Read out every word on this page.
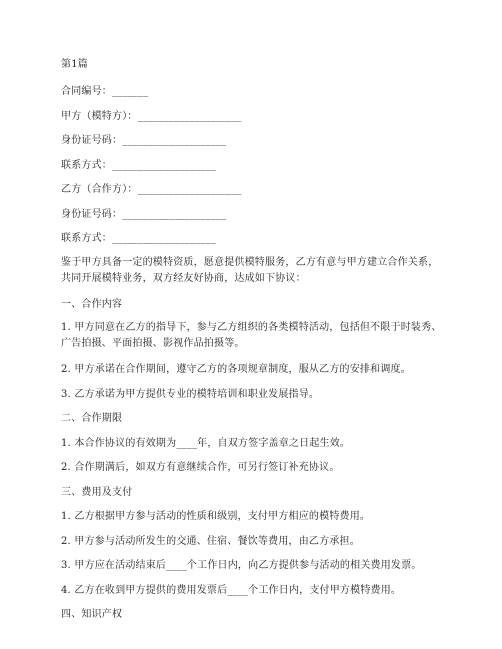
第1篇
合同编号：_______
甲方（模特方）：____________________
身份证号码：____________________
联系方式：____________________
乙方（合作方）：____________________
身份证号码：____________________
联系方式：____________________
鉴于甲方具备一定的模特资质，愿意提供模特服务，乙方有意与甲方建立合作关系，共同开展模特业务，双方经友好协商，达成如下协议：
一、合作内容
1. 甲方同意在乙方的指导下，参与乙方组织的各类模特活动，包括但不限于时装秀、广告拍摄、平面拍摄、影视作品拍摄等。
2. 甲方承诺在合作期间，遵守乙方的各项规章制度，服从乙方的安排和调度。
3. 乙方承诺为甲方提供专业的模特培训和职业发展指导。
二、合作期限
1. 本合作协议的有效期为____年，自双方签字盖章之日起生效。
2. 合作期满后，如双方有意继续合作，可另行签订补充协议。
三、费用及支付
1. 乙方根据甲方参与活动的性质和级别，支付甲方相应的模特费用。
2. 甲方参与活动所发生的交通、住宿、餐饮等费用，由乙方承担。
3. 甲方应在活动结束后____个工作日内，向乙方提供参与活动的相关费用发票。
4. 乙方在收到甲方提供的费用发票后____个工作日内，支付甲方模特费用。
四、知识产权
